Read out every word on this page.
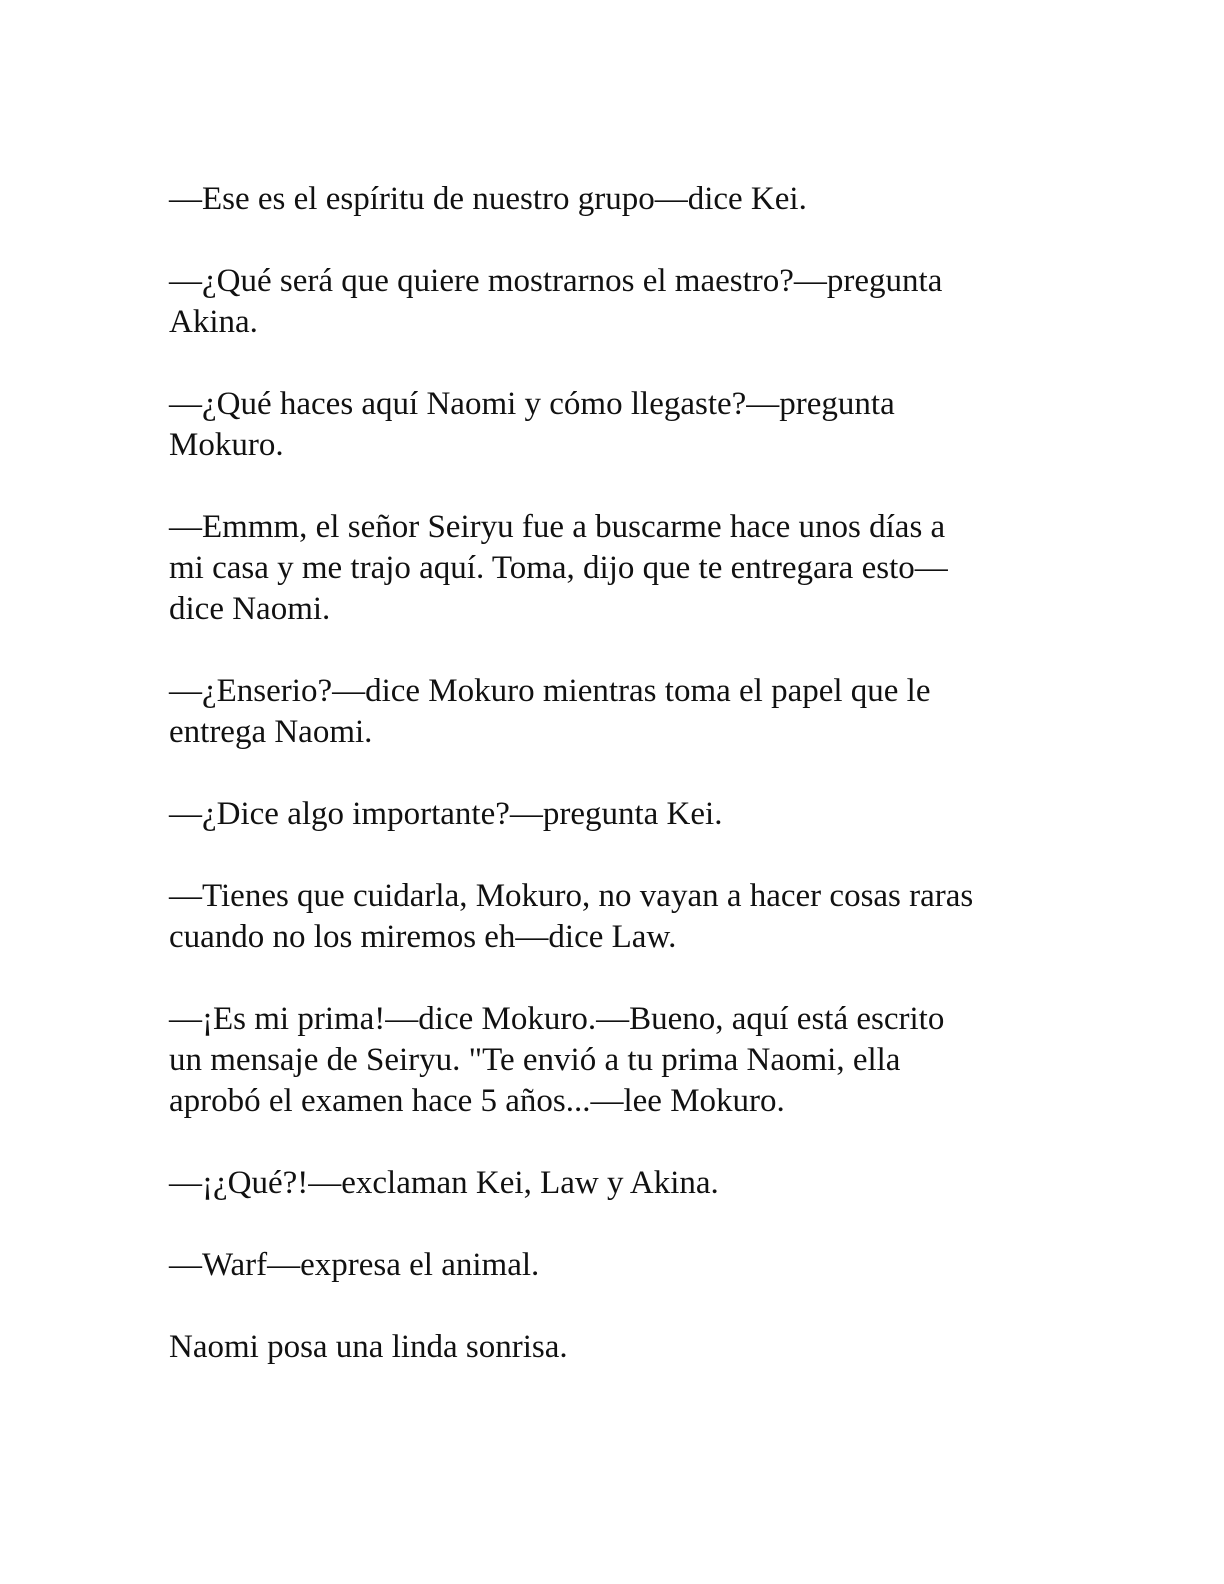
—Ese es el espíritu de nuestro grupo—dice Kei.

—¿Qué será que quiere mostrarnos el maestro?—pregunta
Akina.

—¿Qué haces aquí Naomi y cómo llegaste?—pregunta
Mokuro.

—Emmm, el señor Seiryu fue a buscarme hace unos días a
mi casa y me trajo aquí. Toma, dijo que te entregara esto—
dice Naomi.

—¿Enserio?—dice Mokuro mientras toma el papel que le
entrega Naomi.

—¿Dice algo importante?—pregunta Kei.

—Tienes que cuidarla, Mokuro, no vayan a hacer cosas raras
cuando no los miremos eh—dice Law.

—¡Es mi prima!—dice Mokuro.—Bueno, aquí está escrito
un mensaje de Seiryu. "Te envió a tu prima Naomi, ella
aprobó el examen hace 5 años...—lee Mokuro.

—¡¿Qué?!—exclaman Kei, Law y Akina.

—Warf—expresa el animal.

Naomi posa una linda sonrisa.
